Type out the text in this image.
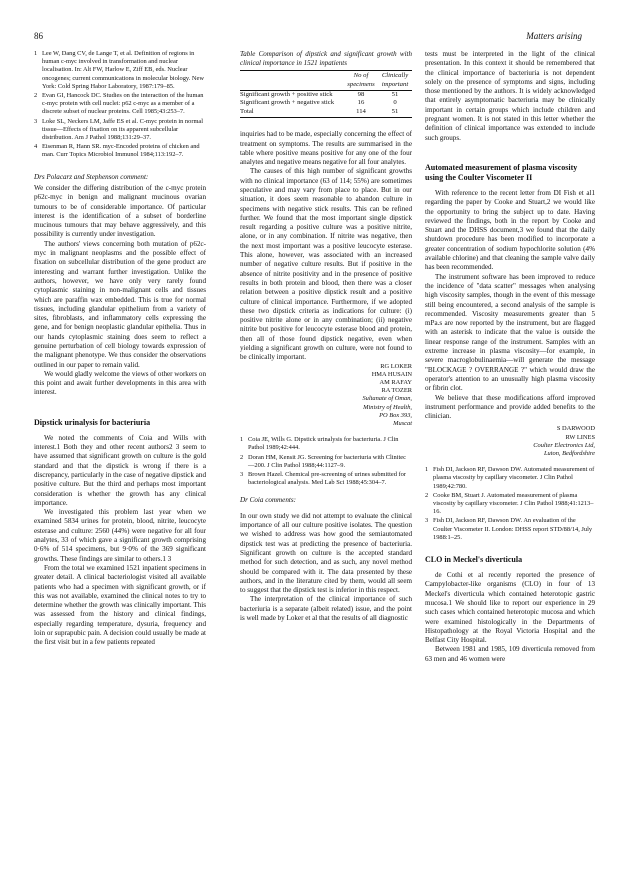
86	Matters arising
1 Lee W, Dang CV, de Lange T, et al. Definition of regions in human c-myc involved in transformation and nuclear localisation. In: Alt FW, Harlow E, Ziff EB, eds. Nuclear oncogenes; current communications in molecular biology. New York: Cold Spring Habor Laboratory, 1987:179–85.
2 Evan GI, Hancock DC. Studies on the interaction of the human c-myc protein with cell nuclei: p62 c-myc as a member of a discrete subset of nuclear proteins. Cell 1985;43:253–7.
3 Loke SL, Neckers LM, Jaffe ES et al. C-myc protein in normal tissue—Effects of fixation on its apparent subcellular distribution. Am J Pathol 1988;131:29–37.
4 Eisenman R, Hann SR. myc-Encoded proteins of chicken and man. Curr Topics Microbiol Immunol 1984;113:192–7.

Drs Polacarz and Stephenson comment:

We consider the differing distribution of the c-myc protein p62c-myc in benign and malignant mucinous ovarian tumours to be of considerable importance. Of particular interest is the identification of a subset of borderline mucinous tumours that may behave aggressively, and this possibility is currently under investigation.

The authors' views concerning both mutation of p62c-myc in malignant neoplasms and the possible effect of fixation on subcellular distribution of the gene product are interesting and warrant further investigation. Unlike the authors, however, we have only very rarely found cytoplasmic staining in non-malignant cells and tissues which are paraffin wax embedded. This is true for normal tissues, including glandular epithelium from a variety of sites, fibroblasts, and inflammatory cells expressing the gene, and for benign neoplastic glandular epithelia. Thus in our hands cytoplasmic staining does seem to reflect a genuine perturbation of cell biology towards expression of the malignant phenotype. We thus consider the observations outlined in our paper to remain valid.

We would gladly welcome the views of other workers on this point and await further developments in this area with interest.

Dipstick urinalysis for bacteriuria

We noted the comments of Coia and Wills with interest.1 Both they and other recent authors2 3 seem to have assumed that significant growth on culture is the gold standard and that the dipstick is wrong if there is a discrepancy, particularly in the case of negative dipstick and positive culture. But the third and perhaps most important consideration is whether the growth has any clinical importance.

We investigated this problem last year when we examined 5834 urines for protein, blood, nitrite, leucocyte esterase and culture: 2560 (44%) were negative for all four analytes, 33 of which gave a significant growth comprising 0·6% of 514 specimens, but 9·0% of the 369 significant growths. These findings are similar to others.1 3

From the total we examined 1521 inpatient specimens in greater detail. A clinical bacteriologist visited all available patients who had a specimen with significant growth, or if this was not available, examined the clinical notes to try to determine whether the growth was clinically important. This was assessed from the history and clinical findings, especially regarding temperature, dysuria, frequency and loin or suprapubic pain. A decision could usually be made at the first visit but in a few patients repeated

Table Comparison of dipstick and significant growth with clinical importance in 1521 inpatients
	No of specimens	Clinically important
Significant growth + positive stick	98	51
Significant growth + negative stick	16	0
Total	114	51

inquiries had to be made, especially concerning the effect of treatment on symptoms. The results are summarised in the table where positive means positive for any one of the four analytes and negative means negative for all four analytes.

The causes of this high number of significant growths with no clinical importance (63 of 114; 55%) are sometimes speculative and may vary from place to place. But in our situation, it does seem reasonable to abandon culture in specimens with negative stick results. This can be refined further. We found that the most important single dipstick result regarding a positive culture was a positive nitrite, alone, or in any combination. If nitrite was negative, then the next most important was a positive leucocyte esterase. This alone, however, was associated with an increased number of negative culture results. But if positive in the absence of nitrite positivity and in the presence of positive results in both protein and blood, then there was a closer relation between a positive dipstick result and a positive culture of clinical importance. Furthermore, if we adopted these two dipstick criteria as indications for culture: (i) positive nitrite alone or in any combination; (ii) negative nitrite but positive for leucocyte esterase blood and protein, then all of those found dipstick negative, even when yielding a significant growth on culture, were not found to be clinically important.

RG LOKER
HMA HUSAIN
AM RAFAY
RA TOZER
Sultanate of Oman,
Ministry of Health,
PO Box 393,
Muscat
1 Coia JE, Wills G. Dipstick urinalysis for bacteriuria. J Clin Pathol 1989;42:444.
2 Doran HM, Kensit JG. Screening for bacteriuria with Clinitec—200. J Clin Pathol 1988;44:1127–9.
3 Brown Hazel. Chemical pre-screening of urines submitted for bacteriological analysis. Med Lab Sci 1988;45:304–7.

Dr Coia comments:

In our own study we did not attempt to evaluate the clinical importance of all our culture positive isolates. The question we wished to address was how good the semiautomated dipstick test was at predicting the presence of bacteriuria. Significant growth on culture is the accepted standard method for such detection, and as such, any novel method should be compared with it. The data presented by these authors, and in the literature cited by them, would all seem to suggest that the dipstick test is inferior in this respect.

The interpretation of the clinical importance of such bacteriuria is a separate (albeit related) issue, and the point is well made by Loker et al that the results of all diagnostic

tests must be interpreted in the light of the clinical presentation. In this context it should be remembered that the clinical importance of bacteriuria is not dependent solely on the presence of symptoms and signs, including those mentioned by the authors. It is widely acknowledged that entirely asymptomatic bacteriuria may be clinically important in certain groups which include children and pregnant women. It is not stated in this letter whether the definition of clinical importance was extended to include such groups.

Automated measurement of plasma viscosity using the Coulter Viscometer II

With reference to the recent letter from DI Fish et al1 regarding the paper by Cooke and Stuart,2 we would like the opportunity to bring the subject up to date. Having reviewed the findings, both in the report by Cooke and Stuart and the DHSS document,3 we found that the daily shutdown procedure has been modified to incorporate a greater concentration of sodium hypochlorite solution (4% available chlorine) and that cleaning the sample valve daily has been recommended.

The instrument software has been improved to reduce the incidence of "data scatter" messages when analysing high viscosity samples, though in the event of this message still being encountered, a second analysis of the sample is recommended. Viscosity measurements greater than 5 mPa.s are now reported by the instrument, but are flagged with an asterisk to indicate that the value is outside the linear response range of the instrument. Samples with an extreme increase in plasma viscosity—for example, in severe macroglobulinaemia—will generate the message "BLOCKAGE ? OVERRANGE ?" which would draw the operator's attention to an unusually high plasma viscosity or fibrin clot.

We believe that these modifications afford improved instrument performance and provide added benefits to the clinician.

S DARWOOD
RW LINES
Coulter Electronics Ltd,
Luton, Bedfordshire
1 Fish DI, Jackson RF, Dawson DW. Automated measurement of plasma viscosity by capillary viscometer. J Clin Pathol 1989;42:780.
2 Cooke BM, Stuart J. Automated measurement of plasma viscosity by capillary viscometer. J Clin Pathol 1988;41:1213–16.
3 Fish DI, Jackson RF, Dawson DW. An evaluation of the Coulter Viscometer II. London: DHSS report STD/88/14, July 1988:1–25.
CLO in Meckel's diverticula

de Cothi et al recently reported the presence of Campylobacter-like organisms (CLO) in four of 13 Meckel's diverticula which contained heterotopic gastric mucosa.1 We should like to report our experience in 29 such cases which contained heterotopic mucosa and which were examined histologically in the Departments of Histopathology at the Royal Victoria Hospital and the Belfast City Hospital.

Between 1981 and 1985, 109 diverticula removed from 63 men and 46 women were
